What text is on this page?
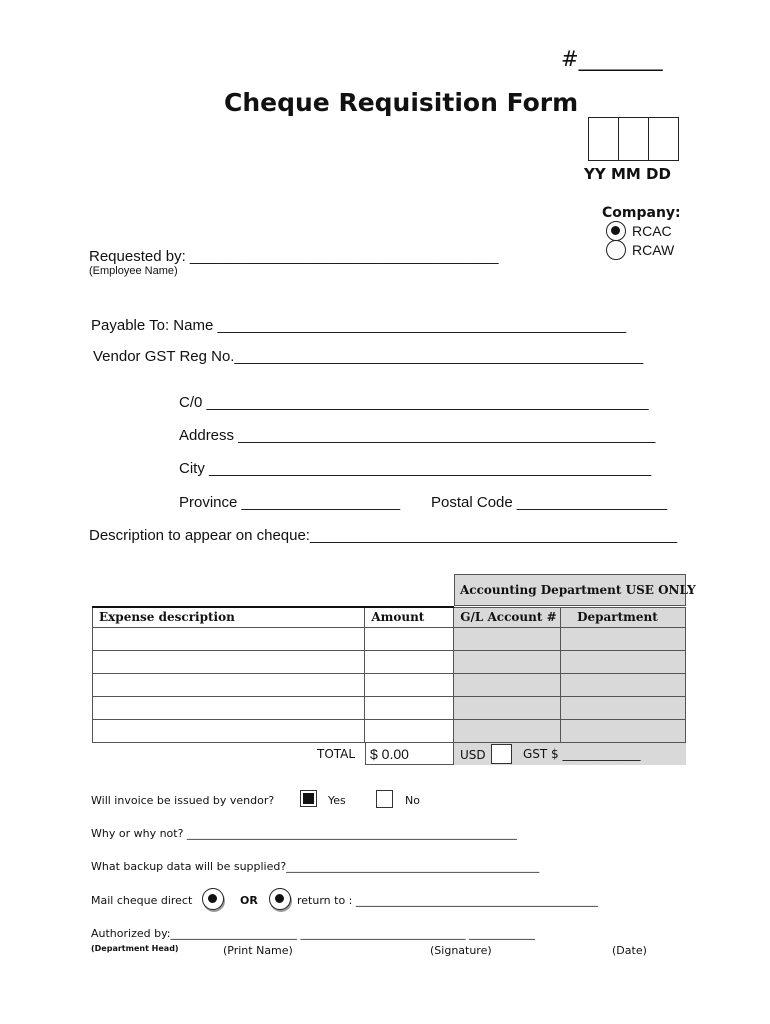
#________
Cheque Requisition Form
YY MM DD
Company:
RCAC
RCAW
Requested by: _____________________________________
(Employee Name)
Payable To: Name _________________________________________________
Vendor GST Reg No._________________________________________________
C/0 _____________________________________________________
Address __________________________________________________
City _____________________________________________________
Province ___________________ Postal Code __________________
Description to appear on cheque:____________________________________________
Accounting Department USE ONLY
Expense description	Amount	G/L Account #	Department

TOTAL	$ 0.00	USD	GST $ _____________
Will invoice be issued by vendor?	Yes	No
Why or why not? ____________________________________________________________
What backup data will be supplied?______________________________________________
Mail cheque direct	OR	return to : ____________________________________________
Authorized by:_______________________ ______________________________ ____________
(Department Head)	(Print Name)	(Signature)	(Date)
